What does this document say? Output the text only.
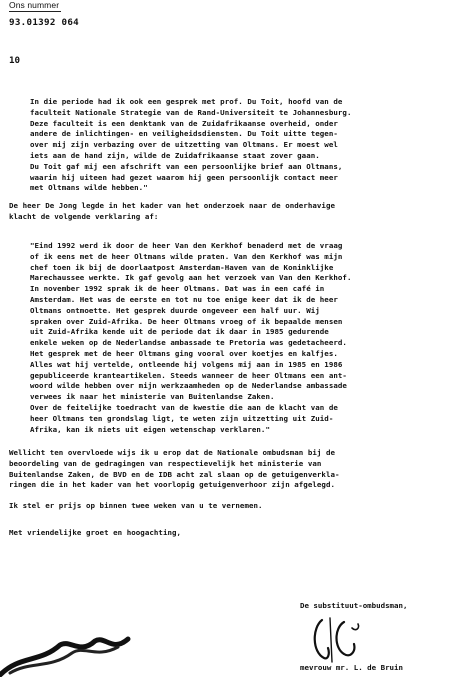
Ons nummer
93.01392 064
10
In die periode had ik ook een gesprek met prof. Du Toit, hoofd van de
faculteit Nationale Strategie van de Rand-Universiteit te Johannesburg.
Deze faculteit is een denktank van de Zuidafrikaanse overheid, onder
andere de inlichtingen- en veiligheidsdiensten. Du Toit uitte tegen-
over mij zijn verbazing over de uitzetting van Oltmans. Er moest wel
iets aan de hand zijn, wilde de Zuidafrikaanse staat zover gaan.
Du Toit gaf mij een afschrift van een persoonlijke brief aan Oltmans,
waarin hij uiteen had gezet waarom hij geen persoonlijk contact meer
met Oltmans wilde hebben."
De heer De Jong legde in het kader van het onderzoek naar de onderhavige
klacht de volgende verklaring af:
"Eind 1992 werd ik door de heer Van den Kerkhof benaderd met de vraag
of ik eens met de heer Oltmans wilde praten. Van den Kerkhof was mijn
chef toen ik bij de doorlaatpost Amsterdam-Haven van de Koninklijke
Marechaussee werkte. Ik gaf gevolg aan het verzoek van Van den Kerkhof.
In november 1992 sprak ik de heer Oltmans. Dat was in een café in
Amsterdam. Het was de eerste en tot nu toe enige keer dat ik de heer
Oltmans ontmoette. Het gesprek duurde ongeveer een half uur. Wij
spraken over Zuid-Afrika. De heer Oltmans vroeg of ik bepaalde mensen
uit Zuid-Afrika kende uit de periode dat ik daar in 1985 gedurende
enkele weken op de Nederlandse ambassade te Pretoria was gedetacheerd.
Het gesprek met de heer Oltmans ging vooral over koetjes en kalfjes.
Alles wat hij vertelde, ontleende hij volgens mij aan in 1985 en 1986
gepubliceerde kranteartikelen. Steeds wanneer de heer Oltmans een ant-
woord wilde hebben over mijn werkzaamheden op de Nederlandse ambassade
verwees ik naar het ministerie van Buitenlandse Zaken.
Over de feitelijke toedracht van de kwestie die aan de klacht van de
heer Oltmans ten grondslag ligt, te weten zijn uitzetting uit Zuid-
Afrika, kan ik niets uit eigen wetenschap verklaren."
Wellicht ten overvloede wijs ik u erop dat de Nationale ombudsman bij de
beoordeling van de gedragingen van respectievelijk het ministerie van
Buitenlandse Zaken, de BVD en de IDB acht zal slaan op de getuigenverkla-
ringen die in het kader van het voorlopig getuigenverhoor zijn afgelegd.
Ik stel er prijs op binnen twee weken van u te vernemen.
Met vriendelijke groet en hoogachting,
De substituut-ombudsman,
mevrouw mr. L. de Bruin
